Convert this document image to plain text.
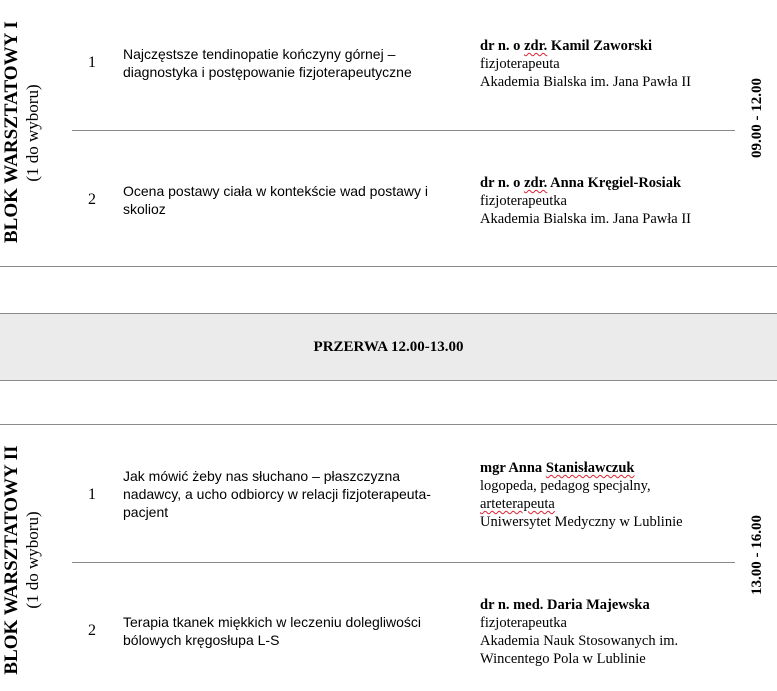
BLOK WARSZTATOWY I (1 do wyboru)
1 Najczęstsze tendinopatie kończyny górnej –
diagnostyka i postępowanie fizjoterapeutyczne
dr n. o zdr. Kamil Zaworski
fizjoterapeuta
Akademia Bialska im. Jana Pawła II
2 Ocena postawy ciała w kontekście wad postawy i
skolioz
dr n. o zdr. Anna Kręgiel-Rosiak
fizjoterapeutka
Akademia Bialska im. Jana Pawła II
09.00 - 12.00
PRZERWA 12.00-13.00
BLOK WARSZTATOWY II (1 do wyboru)
1
Jak mówić żeby nas słuchano – płaszczyzna
nadawcy, a ucho odbiorcy w relacji fizjoterapeuta-
pacjent
mgr Anna Stanisławczuk
logopeda, pedagog specjalny,
arteterapeuta
Uniwersytet Medyczny w Lublinie
2 Terapia tkanek miękkich w leczeniu dolegliwości
bólowych kręgosłupa L-S
dr n. med. Daria Majewska
fizjoterapeutka
Akademia Nauk Stosowanych im.
Wincentego Pola w Lublinie
13.00 - 16.00
